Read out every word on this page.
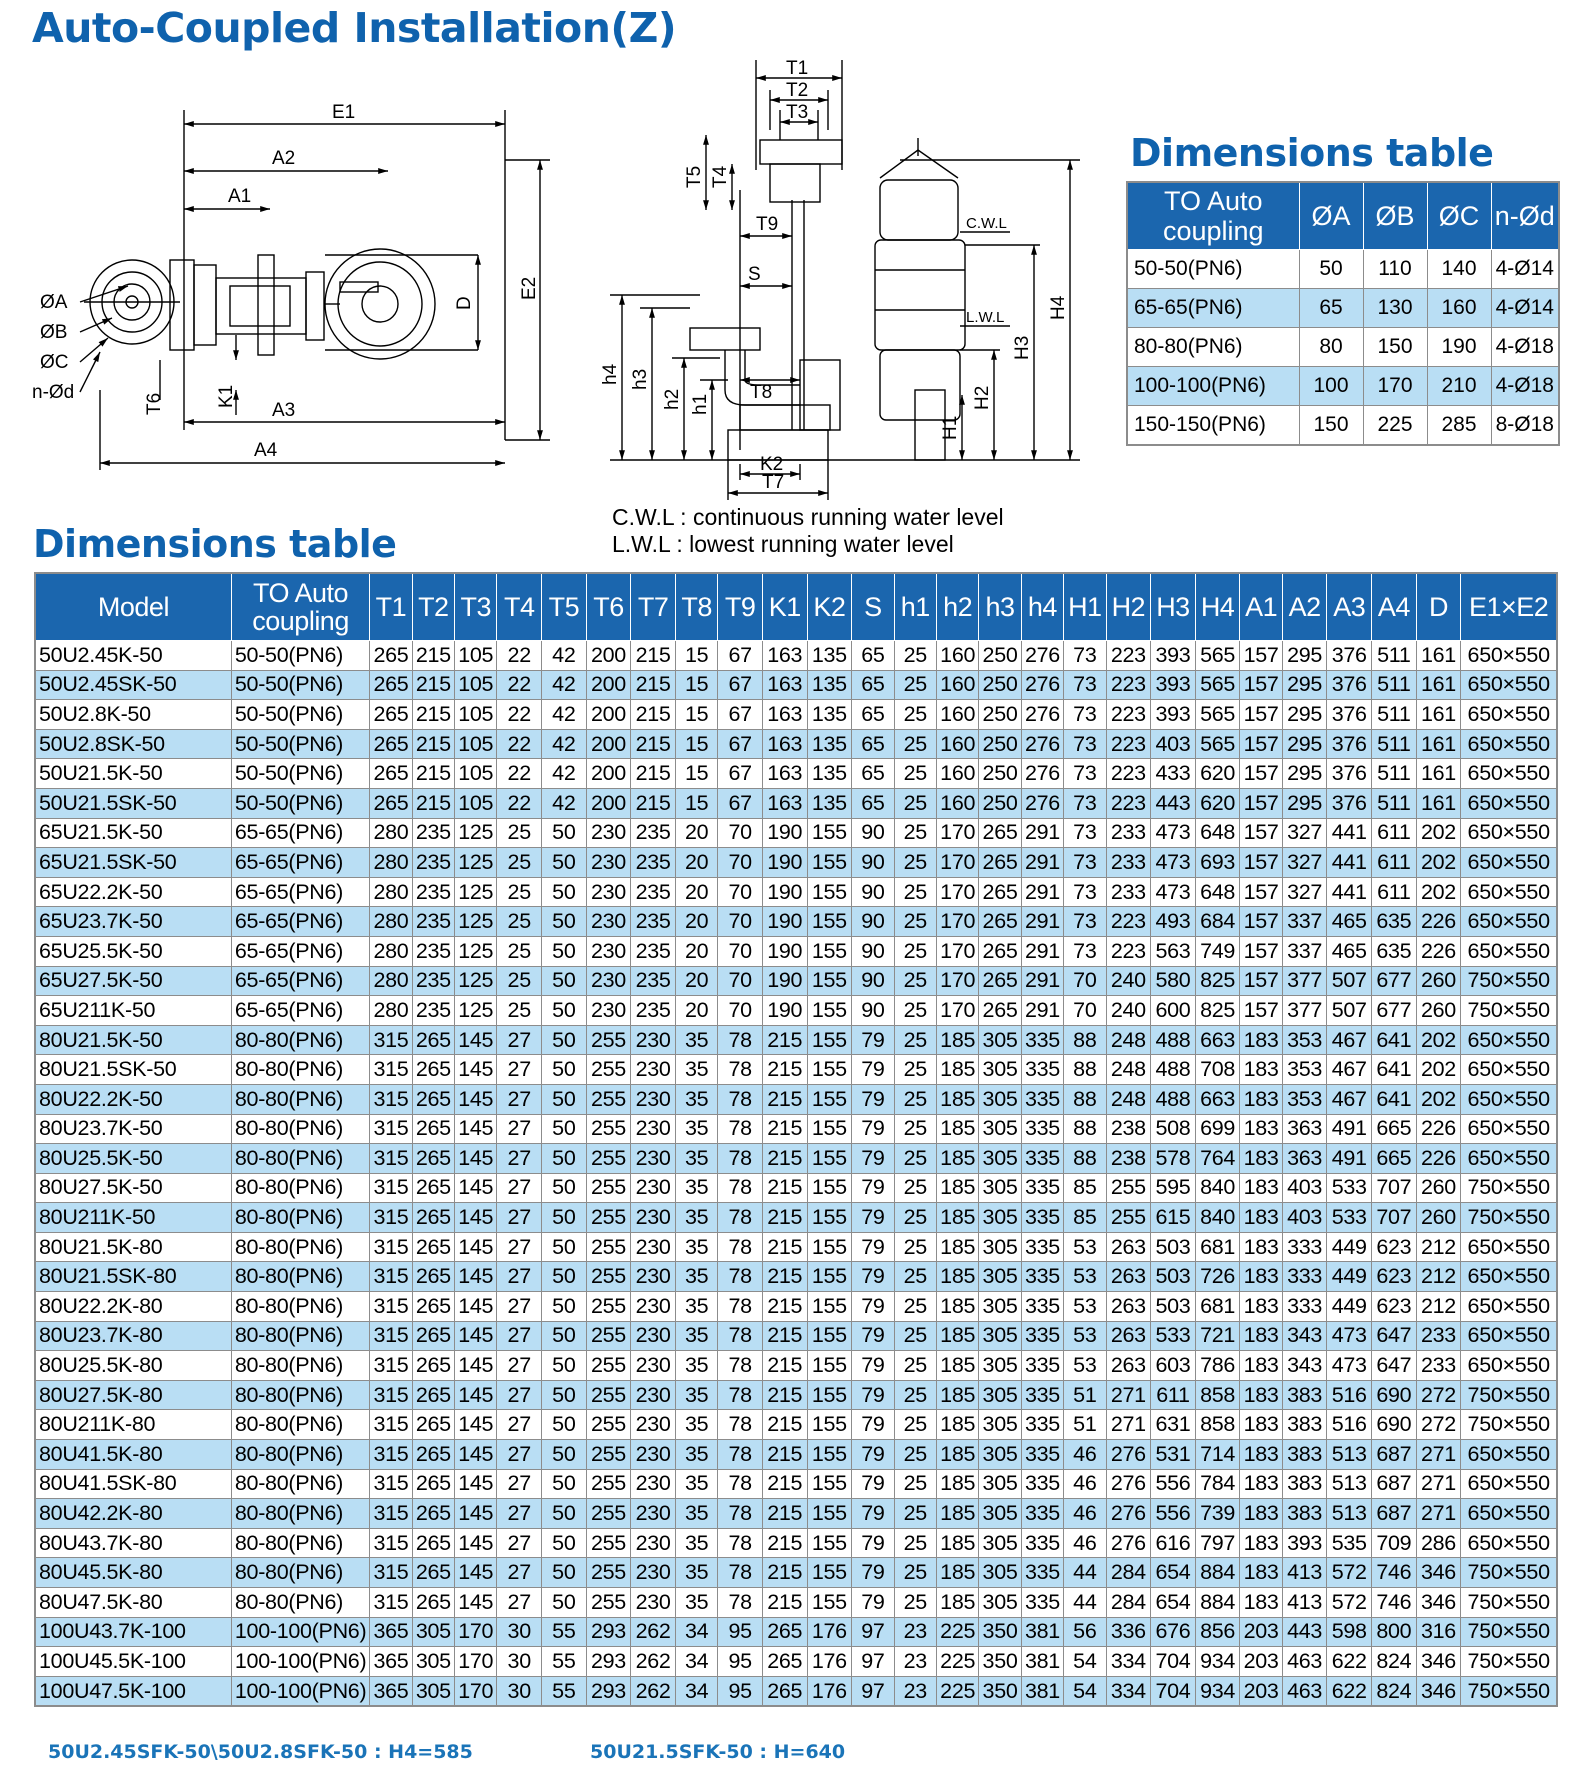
Auto-Coupled Installation(Z)
E1
A2
A1
A3
A4
E2
D
K1
T6
ØA
ØB
ØC
n-Ød
T1
T2
T3
T5 T4
T9
S
T8
K2
T7
h4 h3
h2 h1
H4
H3
H2
H1
C.W.L
L.W.L
C.W.L : continuous running water level
L.W.L : lowest running water level
Dimensions table
TO Auto coupling	ØA	ØB	ØC	n-Ød
50-50(PN6)	50	110	140	4-Ø14
65-65(PN6)	65	130	160	4-Ø14
80-80(PN6)	80	150	190	4-Ø18
100-100(PN6)	100	170	210	4-Ø18
150-150(PN6)	150	225	285	8-Ø18
Dimensions table
Model	TO Auto coupling	T1	T2	T3	T4	T5	T6	T7	T8	T9	K1	K2	S	h1	h2	h3	h4	H1	H2	H3	H4	A1	A2	A3	A4	D	E1×E2
50U2.45K-50	50-50(PN6)	265	215	105	22	42	200	215	15	67	163	135	65	25	160	250	276	73	223	393	565	157	295	376	511	161	650×550
50U2.45SK-50	50-50(PN6)	265	215	105	22	42	200	215	15	67	163	135	65	25	160	250	276	73	223	393	565	157	295	376	511	161	650×550
50U2.8K-50	50-50(PN6)	265	215	105	22	42	200	215	15	67	163	135	65	25	160	250	276	73	223	393	565	157	295	376	511	161	650×550
50U2.8SK-50	50-50(PN6)	265	215	105	22	42	200	215	15	67	163	135	65	25	160	250	276	73	223	403	565	157	295	376	511	161	650×550
50U21.5K-50	50-50(PN6)	265	215	105	22	42	200	215	15	67	163	135	65	25	160	250	276	73	223	433	620	157	295	376	511	161	650×550
50U21.5SK-50	50-50(PN6)	265	215	105	22	42	200	215	15	67	163	135	65	25	160	250	276	73	223	443	620	157	295	376	511	161	650×550
65U21.5K-50	65-65(PN6)	280	235	125	25	50	230	235	20	70	190	155	90	25	170	265	291	73	233	473	648	157	327	441	611	202	650×550
65U21.5SK-50	65-65(PN6)	280	235	125	25	50	230	235	20	70	190	155	90	25	170	265	291	73	233	473	693	157	327	441	611	202	650×550
65U22.2K-50	65-65(PN6)	280	235	125	25	50	230	235	20	70	190	155	90	25	170	265	291	73	233	473	648	157	327	441	611	202	650×550
65U23.7K-50	65-65(PN6)	280	235	125	25	50	230	235	20	70	190	155	90	25	170	265	291	73	223	493	684	157	337	465	635	226	650×550
65U25.5K-50	65-65(PN6)	280	235	125	25	50	230	235	20	70	190	155	90	25	170	265	291	73	223	563	749	157	337	465	635	226	650×550
65U27.5K-50	65-65(PN6)	280	235	125	25	50	230	235	20	70	190	155	90	25	170	265	291	70	240	580	825	157	377	507	677	260	750×550
65U211K-50	65-65(PN6)	280	235	125	25	50	230	235	20	70	190	155	90	25	170	265	291	70	240	600	825	157	377	507	677	260	750×550
80U21.5K-50	80-80(PN6)	315	265	145	27	50	255	230	35	78	215	155	79	25	185	305	335	88	248	488	663	183	353	467	641	202	650×550
80U21.5SK-50	80-80(PN6)	315	265	145	27	50	255	230	35	78	215	155	79	25	185	305	335	88	248	488	708	183	353	467	641	202	650×550
80U22.2K-50	80-80(PN6)	315	265	145	27	50	255	230	35	78	215	155	79	25	185	305	335	88	248	488	663	183	353	467	641	202	650×550
80U23.7K-50	80-80(PN6)	315	265	145	27	50	255	230	35	78	215	155	79	25	185	305	335	88	238	508	699	183	363	491	665	226	650×550
80U25.5K-50	80-80(PN6)	315	265	145	27	50	255	230	35	78	215	155	79	25	185	305	335	88	238	578	764	183	363	491	665	226	650×550
80U27.5K-50	80-80(PN6)	315	265	145	27	50	255	230	35	78	215	155	79	25	185	305	335	85	255	595	840	183	403	533	707	260	750×550
80U211K-50	80-80(PN6)	315	265	145	27	50	255	230	35	78	215	155	79	25	185	305	335	85	255	615	840	183	403	533	707	260	750×550
80U21.5K-80	80-80(PN6)	315	265	145	27	50	255	230	35	78	215	155	79	25	185	305	335	53	263	503	681	183	333	449	623	212	650×550
80U21.5SK-80	80-80(PN6)	315	265	145	27	50	255	230	35	78	215	155	79	25	185	305	335	53	263	503	726	183	333	449	623	212	650×550
80U22.2K-80	80-80(PN6)	315	265	145	27	50	255	230	35	78	215	155	79	25	185	305	335	53	263	503	681	183	333	449	623	212	650×550
80U23.7K-80	80-80(PN6)	315	265	145	27	50	255	230	35	78	215	155	79	25	185	305	335	53	263	533	721	183	343	473	647	233	650×550
80U25.5K-80	80-80(PN6)	315	265	145	27	50	255	230	35	78	215	155	79	25	185	305	335	53	263	603	786	183	343	473	647	233	650×550
80U27.5K-80	80-80(PN6)	315	265	145	27	50	255	230	35	78	215	155	79	25	185	305	335	51	271	611	858	183	383	516	690	272	750×550
80U211K-80	80-80(PN6)	315	265	145	27	50	255	230	35	78	215	155	79	25	185	305	335	51	271	631	858	183	383	516	690	272	750×550
80U41.5K-80	80-80(PN6)	315	265	145	27	50	255	230	35	78	215	155	79	25	185	305	335	46	276	531	714	183	383	513	687	271	650×550
80U41.5SK-80	80-80(PN6)	315	265	145	27	50	255	230	35	78	215	155	79	25	185	305	335	46	276	556	784	183	383	513	687	271	650×550
80U42.2K-80	80-80(PN6)	315	265	145	27	50	255	230	35	78	215	155	79	25	185	305	335	46	276	556	739	183	383	513	687	271	650×550
80U43.7K-80	80-80(PN6)	315	265	145	27	50	255	230	35	78	215	155	79	25	185	305	335	46	276	616	797	183	393	535	709	286	650×550
80U45.5K-80	80-80(PN6)	315	265	145	27	50	255	230	35	78	215	155	79	25	185	305	335	44	284	654	884	183	413	572	746	346	750×550
80U47.5K-80	80-80(PN6)	315	265	145	27	50	255	230	35	78	215	155	79	25	185	305	335	44	284	654	884	183	413	572	746	346	750×550
100U43.7K-100	100-100(PN6)	365	305	170	30	55	293	262	34	95	265	176	97	23	225	350	381	56	336	676	856	203	443	598	800	316	750×550
100U45.5K-100	100-100(PN6)	365	305	170	30	55	293	262	34	95	265	176	97	23	225	350	381	54	334	704	934	203	463	622	824	346	750×550
100U47.5K-100	100-100(PN6)	365	305	170	30	55	293	262	34	95	265	176	97	23	225	350	381	54	334	704	934	203	463	622	824	346	750×550
50U2.45SFK-50\50U2.8SFK-50 : H4=585	50U21.5SFK-50 : H=640
